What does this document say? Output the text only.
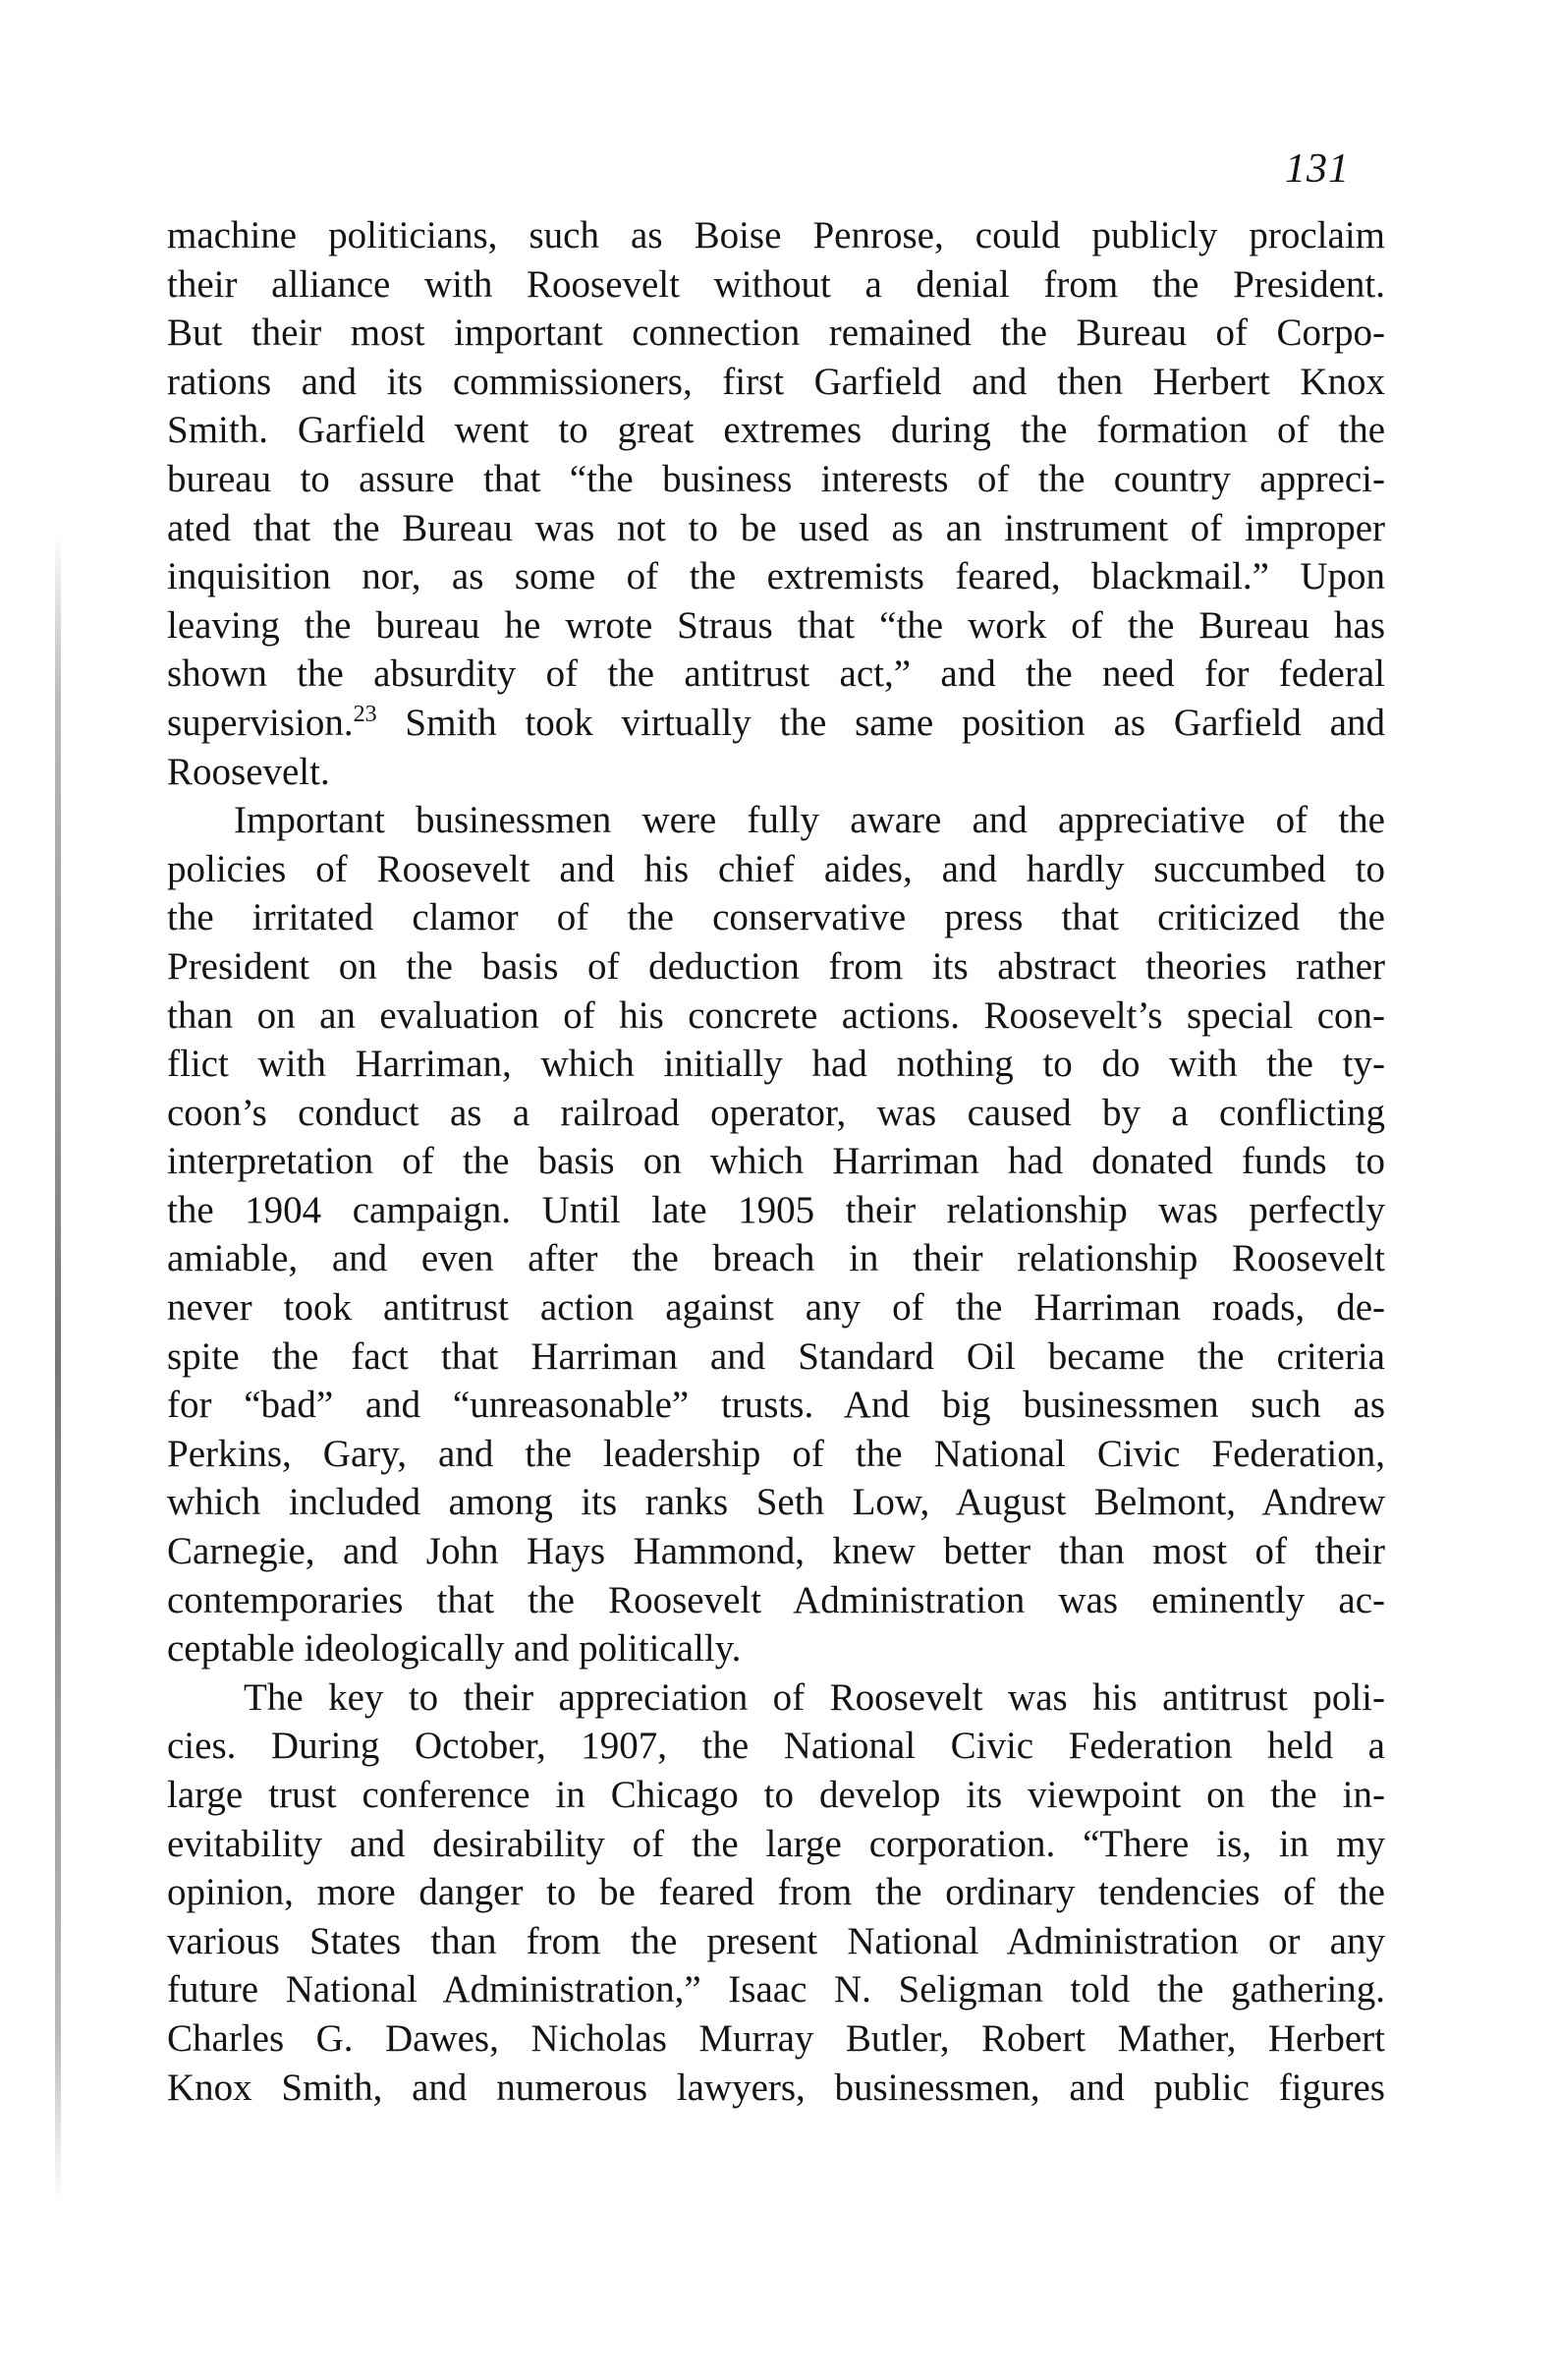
131
machine politicians, such as Boise Penrose, could publicly proclaim
their alliance with Roosevelt without a denial from the President.
But their most important connection remained the Bureau of Corpo-
rations and its commissioners, first Garfield and then Herbert Knox
Smith. Garfield went to great extremes during the formation of the
bureau to assure that “the business interests of the country appreci-
ated that the Bureau was not to be used as an instrument of improper
inquisition nor, as some of the extremists feared, blackmail.” Upon
leaving the bureau he wrote Straus that “the work of the Bureau has
shown the absurdity of the antitrust act,” and the need for federal
supervision.$^{23}$ Smith took virtually the same position as Garfield and
Roosevelt.
Important businessmen were fully aware and appreciative of the
policies of Roosevelt and his chief aides, and hardly succumbed to
the irritated clamor of the conservative press that criticized the
President on the basis of deduction from its abstract theories rather
than on an evaluation of his concrete actions. Roosevelt’s special con-
flict with Harriman, which initially had nothing to do with the ty-
coon’s conduct as a railroad operator, was caused by a conflicting
interpretation of the basis on which Harriman had donated funds to
the 1904 campaign. Until late 1905 their relationship was perfectly
amiable, and even after the breach in their relationship Roosevelt
never took antitrust action against any of the Harriman roads, de-
spite the fact that Harriman and Standard Oil became the criteria
for “bad” and “unreasonable” trusts. And big businessmen such as
Perkins, Gary, and the leadership of the National Civic Federation,
which included among its ranks Seth Low, August Belmont, Andrew
Carnegie, and John Hays Hammond, knew better than most of their
contemporaries that the Roosevelt Administration was eminently ac-
ceptable ideologically and politically.
The key to their appreciation of Roosevelt was his antitrust poli-
cies. During October, 1907, the National Civic Federation held a
large trust conference in Chicago to develop its viewpoint on the in-
evitability and desirability of the large corporation. “There is, in my
opinion, more danger to be feared from the ordinary tendencies of the
various States than from the present National Administration or any
future National Administration,” Isaac N. Seligman told the gathering.
Charles G. Dawes, Nicholas Murray Butler, Robert Mather, Herbert
Knox Smith, and numerous lawyers, businessmen, and public figures
